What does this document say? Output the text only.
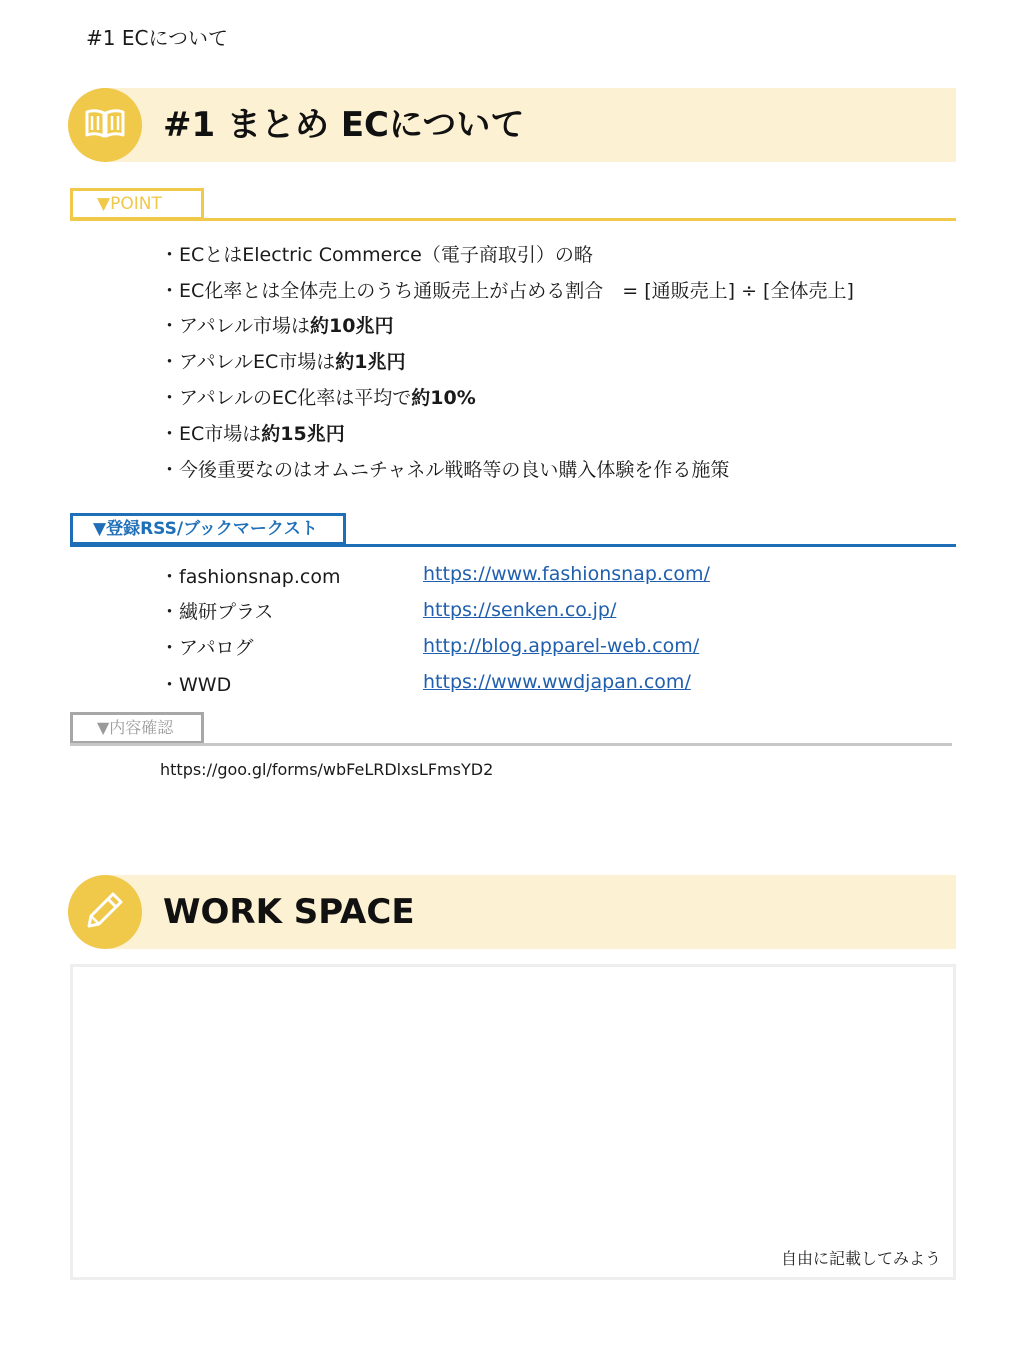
#1 ECについて
#1 まとめ ECについて
▼POINT
・ECとはElectric Commerce（電子商取引）の略
・EC化率とは全体売上のうち通販売上が占める割合　= [通販売上] ÷ [全体売上]
・アパレル市場は約10兆円
・アパレルEC市場は約1兆円
・アパレルのEC化率は平均で約10%
・EC市場は約15兆円
・今後重要なのはオムニチャネル戦略等の良い購入体験を作る施策
▼登録RSS/ブックマークスト
・fashionsnap.com	https://www.fashionsnap.com/
・繊研プラス	https://senken.co.jp/
・アパログ	http://blog.apparel-web.com/
・WWD	https://www.wwdjapan.com/
▼内容確認
https://goo.gl/forms/wbFeLRDlxsLFmsYD2
WORK SPACE
自由に記載してみよう
